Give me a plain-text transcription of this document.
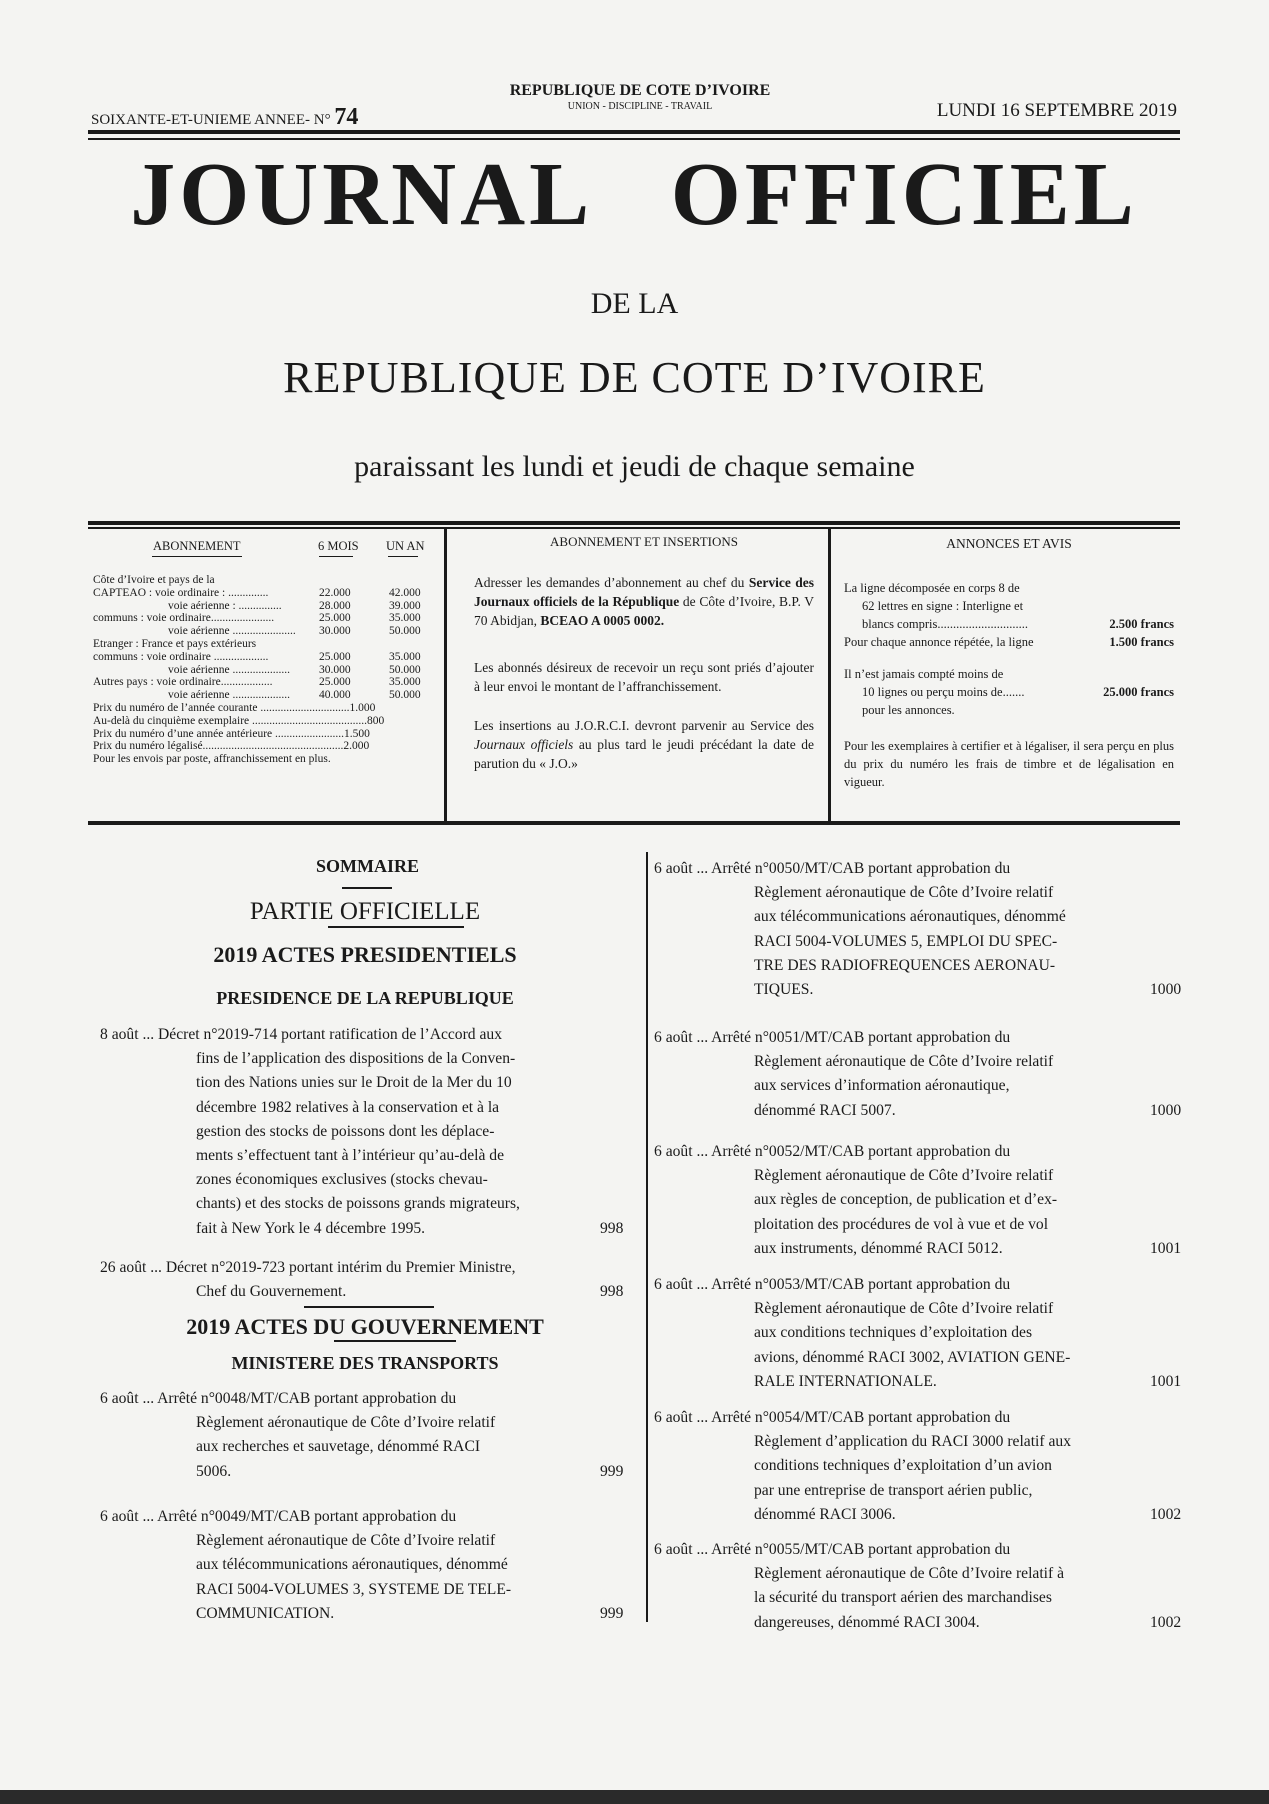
SOIXANTE-ET-UNIEME ANNEE- N° 74
REPUBLIQUE DE COTE D’IVOIRE
UNION - DISCIPLINE - TRAVAIL	LUNDI 16 SEPTEMBRE 2019
JOURNAL OFFICIEL
DE LA
REPUBLIQUE DE COTE D’IVOIRE
paraissant les lundi et jeudi de chaque semaine
ABONNEMENT	6 MOIS UN AN
Côte d’Ivoire et pays de la
CAPTEAO : voie ordinaire : ..............	22.000	42.000
voie aérienne : ...............	28.000	39.000
communs : voie ordinaire......................	25.000	35.000
voie aérienne ...................... 30.000	50.000
Etranger : France et pays extérieurs
communs : voie ordinaire ...................	25.000	35.000
voie aérienne ....................	30.000	50.000
Autres pays : voie ordinaire..................	25.000	35.000
voie aérienne ....................	40.000	50.000
Prix du numéro de l’année courante ...............................1.000
Au-delà du cinquième exemplaire ........................................800
Prix du numéro d’une année antérieure ........................1.500
Prix du numéro légalisé.................................................2.000
Pour les envois par poste, affranchissement en plus.
ABONNEMENT ET INSERTIONS

Adresser les demandes d’abonnement au chef du Service des Journaux officiels de la République de Côte d’Ivoire, B.P. V 70 Abidjan, BCEAO A 0005 0002.

Les abonnés désireux de recevoir un reçu sont priés d’ajouter à leur envoi le montant de l’affranchissement.

Les insertions au J.O.R.C.I. devront parvenir au Service des Journaux officiels au plus tard le jeudi précédant la date de parution du « J.O.»

ANNONCES ET AVIS

La ligne décomposée en corps 8 de

62 lettres en signe : Interligne et

blancs compris.............................	2.500 francs

Pour chaque annonce répétée, la ligne	1.500 francs

Il n’est jamais compté moins de

10 lignes ou perçu moins de.......	25.000 francs

pour les annonces.

Pour les exemplaires à certifier et à légaliser, il sera perçu en plus du prix du numéro les frais de timbre et de légalisation en vigueur.

SOMMAIRE
PARTIE OFFICIELLE
2019 ACTES PRESIDENTIELS
PRESIDENCE DE LA REPUBLIQUE
2019 ACTES DU GOUVERNEMENT
MINISTERE DES TRANSPORTS
8 août ... Décret n°2019-714 portant ratification de l’Accord aux
fins de l’application des dispositions de la Conven-
tion des Nations unies sur le Droit de la Mer du 10
décembre 1982 relatives à la conservation et à la
gestion des stocks de poissons dont les déplace-
ments s’effectuent tant à l’intérieur qu’au-delà de
zones économiques exclusives (stocks chevau-
chants) et des stocks de poissons grands migrateurs,
fait à New York le 4 décembre 1995.	998
26 août ... Décret n°2019-723 portant intérim du Premier Ministre,
Chef du Gouvernement.	998
6 août ... Arrêté n°0048/MT/CAB portant approbation du
Règlement aéronautique de Côte d’Ivoire relatif
aux recherches et sauvetage, dénommé RACI
5006.	999
6 août ... Arrêté n°0049/MT/CAB portant approbation du
Règlement aéronautique de Côte d’Ivoire relatif
aux télécommunications aéronautiques, dénommé
RACI 5004-VOLUMES 3, SYSTEME DE TELE-
COMMUNICATION.	999
6 août ... Arrêté n°0050/MT/CAB portant approbation du
Règlement aéronautique de Côte d’Ivoire relatif
aux télécommunications aéronautiques, dénommé
RACI 5004-VOLUMES 5, EMPLOI DU SPEC-
TRE DES RADIOFREQUENCES AERONAU-
TIQUES.	1000
6 août ... Arrêté n°0051/MT/CAB portant approbation du
Règlement aéronautique de Côte d’Ivoire relatif
aux services d’information aéronautique,
dénommé RACI 5007.	1000
6 août ... Arrêté n°0052/MT/CAB portant approbation du
Règlement aéronautique de Côte d’Ivoire relatif
aux règles de conception, de publication et d’ex-
ploitation des procédures de vol à vue et de vol
aux instruments, dénommé RACI 5012.	1001
6 août ... Arrêté n°0053/MT/CAB portant approbation du
Règlement aéronautique de Côte d’Ivoire relatif
aux conditions techniques d’exploitation des
avions, dénommé RACI 3002, AVIATION GENE-
RALE INTERNATIONALE.	1001
6 août ... Arrêté n°0054/MT/CAB portant approbation du
Règlement d’application du RACI 3000 relatif aux
conditions techniques d’exploitation d’un avion
par une entreprise de transport aérien public,
dénommé RACI 3006.	1002
6 août ... Arrêté n°0055/MT/CAB portant approbation du
Règlement aéronautique de Côte d’Ivoire relatif à
la sécurité du transport aérien des marchandises
dangereuses, dénommé RACI 3004.	1002
